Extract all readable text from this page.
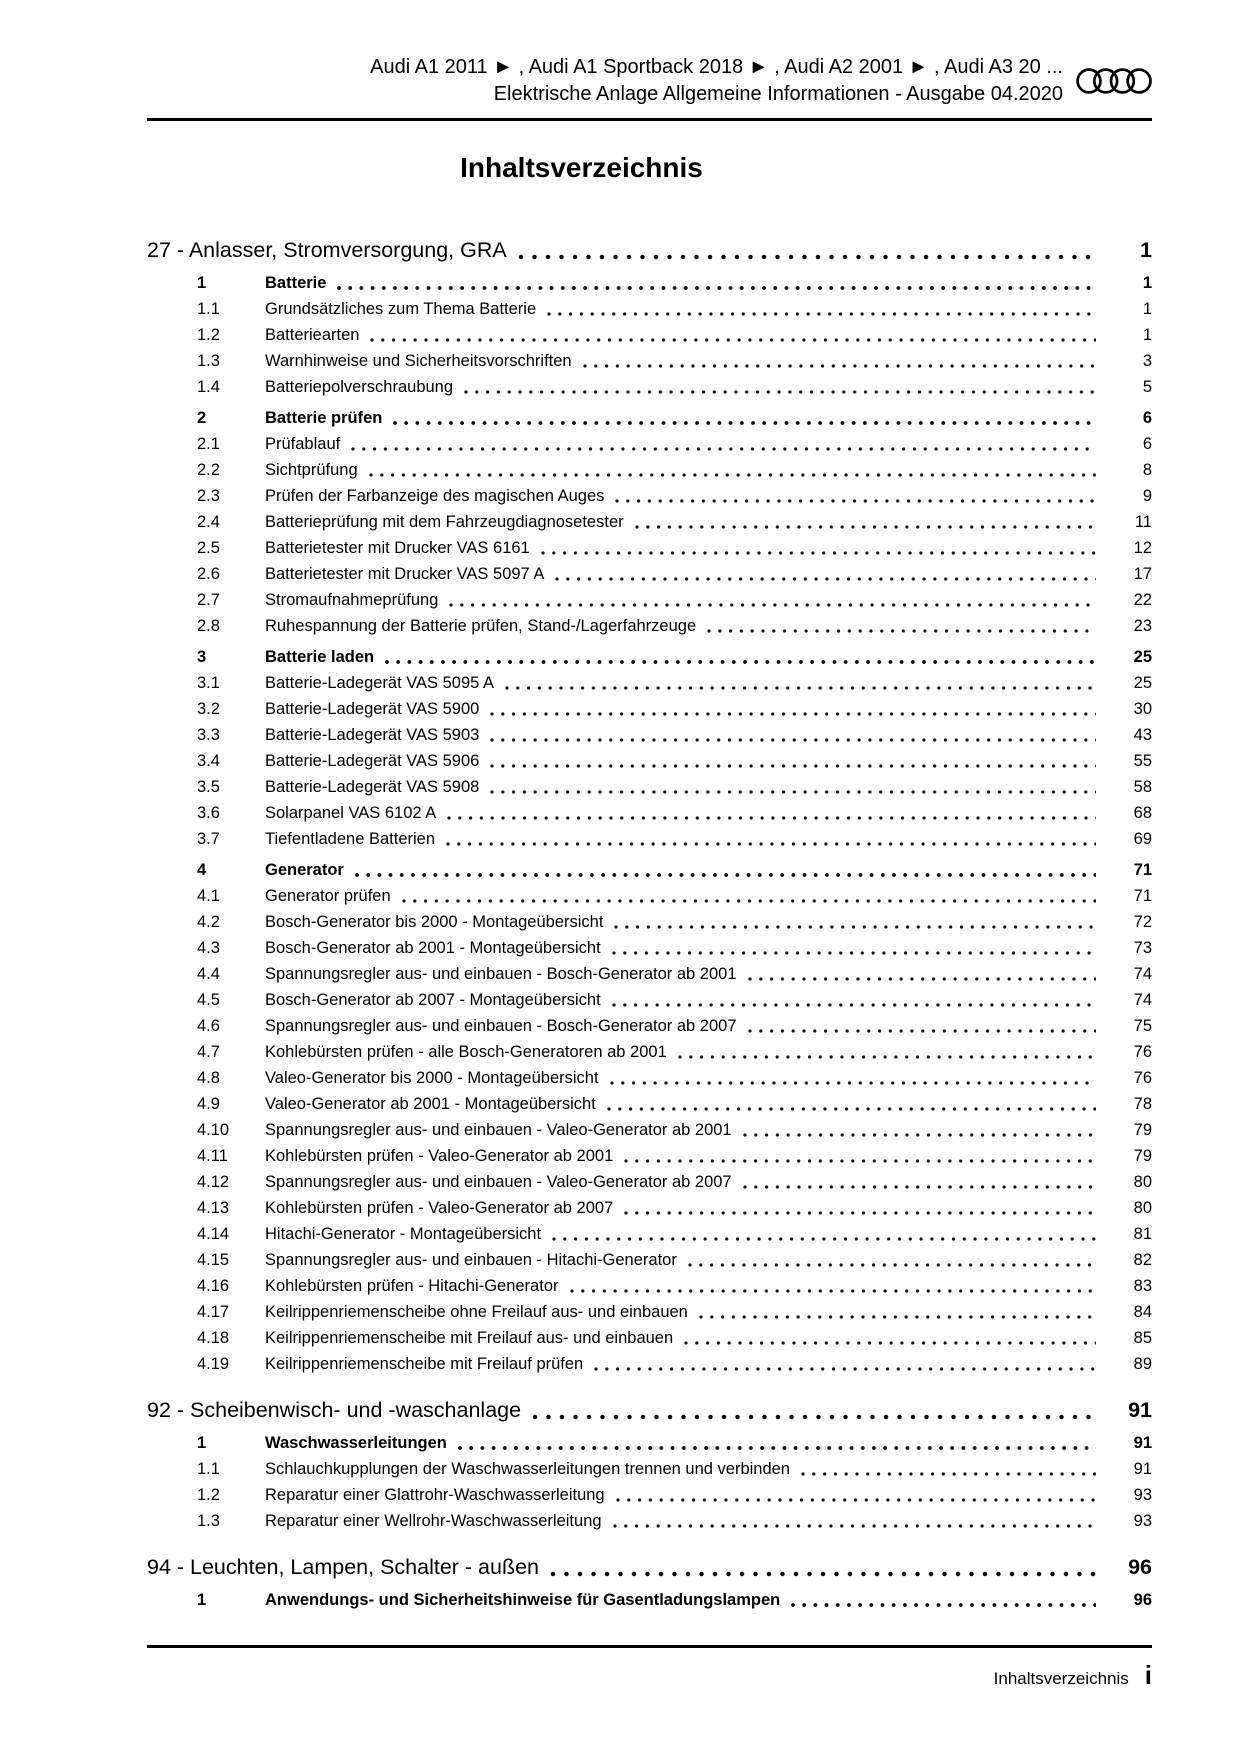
Audi A1 2011 ► , Audi A1 Sportback 2018 ► , Audi A2 2001 ► , Audi A3 20 ...
Elektrische Anlage Allgemeine Informationen - Ausgabe 04.2020
Inhaltsverzeichnis
27 - Anlasser, Stromversorgung, GRA	1
1	Batterie	1
1.1	Grundsätzliches zum Thema Batterie	1
1.2	Batteriearten	1
1.3	Warnhinweise und Sicherheitsvorschriften	3
1.4	Batteriepolverschraubung	5
2	Batterie prüfen	6
2.1	Prüfablauf	6
2.2	Sichtprüfung	8
2.3	Prüfen der Farbanzeige des magischen Auges	9
2.4	Batterieprüfung mit dem Fahrzeugdiagnosetester	11
2.5	Batterietester mit Drucker VAS 6161	12
2.6	Batterietester mit Drucker VAS 5097 A	17
2.7	Stromaufnahmeprüfung	22
2.8	Ruhespannung der Batterie prüfen, Stand-/Lagerfahrzeuge	23
3	Batterie laden	25
3.1	Batterie-Ladegerät VAS 5095 A	25
3.2	Batterie-Ladegerät VAS 5900	30
3.3	Batterie-Ladegerät VAS 5903	43
3.4	Batterie-Ladegerät VAS 5906	55
3.5	Batterie-Ladegerät VAS 5908	58
3.6	Solarpanel VAS 6102 A	68
3.7	Tiefentladene Batterien	69
4	Generator	71
4.1	Generator prüfen	71
4.2	Bosch-Generator bis 2000 - Montageübersicht	72
4.3	Bosch-Generator ab 2001 - Montageübersicht	73
4.4	Spannungsregler aus- und einbauen - Bosch-Generator ab 2001	74
4.5	Bosch-Generator ab 2007 - Montageübersicht	74
4.6	Spannungsregler aus- und einbauen - Bosch-Generator ab 2007	75
4.7	Kohlebürsten prüfen - alle Bosch-Generatoren ab 2001	76
4.8	Valeo-Generator bis 2000 - Montageübersicht	76
4.9	Valeo-Generator ab 2001 - Montageübersicht	78
4.10	Spannungsregler aus- und einbauen - Valeo-Generator ab 2001	79
4.11	Kohlebürsten prüfen - Valeo-Generator ab 2001	79
4.12	Spannungsregler aus- und einbauen - Valeo-Generator ab 2007	80
4.13	Kohlebürsten prüfen - Valeo-Generator ab 2007	80
4.14	Hitachi-Generator - Montageübersicht	81
4.15	Spannungsregler aus- und einbauen - Hitachi-Generator	82
4.16	Kohlebürsten prüfen - Hitachi-Generator	83
4.17	Keilrippenriemenscheibe ohne Freilauf aus- und einbauen	84
4.18	Keilrippenriemenscheibe mit Freilauf aus- und einbauen	85
4.19	Keilrippenriemenscheibe mit Freilauf prüfen	89
92 - Scheibenwisch- und -waschanlage	91
1	Waschwasserleitungen	91
1.1	Schlauchkupplungen der Waschwasserleitungen trennen und verbinden	91
1.2	Reparatur einer Glattrohr-Waschwasserleitung	93
1.3	Reparatur einer Wellrohr-Waschwasserleitung	93
94 - Leuchten, Lampen, Schalter - außen	96
1	Anwendungs- und Sicherheitshinweise für Gasentladungslampen	96
Inhaltsverzeichnis i
